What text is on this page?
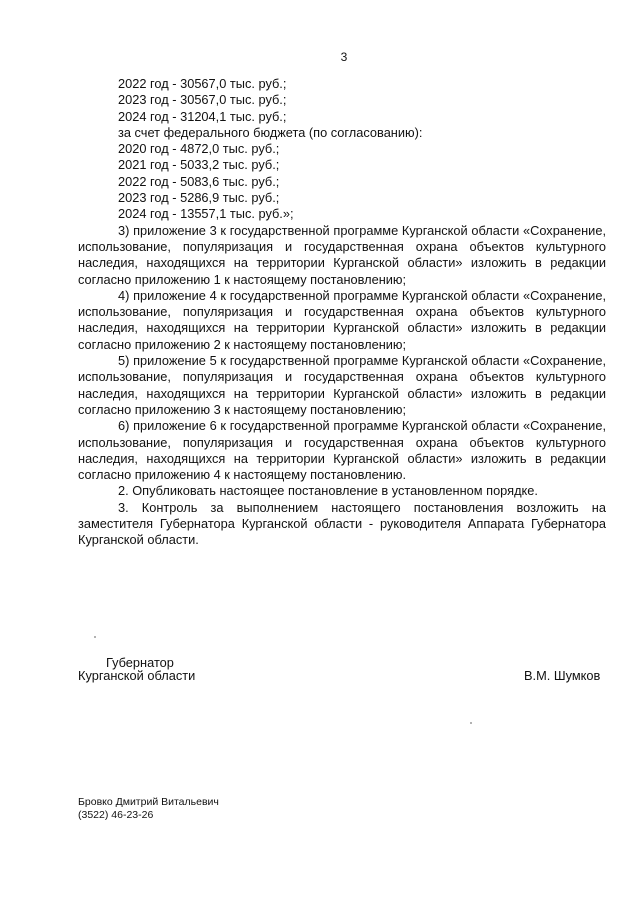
3
2022 год - 30567,0 тыс. руб.;
2023 год - 30567,0 тыс. руб.;
2024 год - 31204,1 тыс. руб.;
за счет федерального бюджета (по согласованию):
2020 год - 4872,0 тыс. руб.;
2021 год - 5033,2 тыс. руб.;
2022 год - 5083,6 тыс. руб.;
2023 год - 5286,9 тыс. руб.;
2024 год - 13557,1 тыс. руб.»;
3) приложение 3 к государственной программе Курганской области «Сохранение, использование, популяризация и государственная охрана объектов культурного наследия, находящихся на территории Курганской области» изложить в редакции согласно приложению 1 к настоящему постановлению;
4) приложение 4 к государственной программе Курганской области «Сохранение, использование, популяризация и государственная охрана объектов культурного наследия, находящихся на территории Курганской области» изложить в редакции согласно приложению 2 к настоящему постановлению;
5) приложение 5 к государственной программе Курганской области «Сохранение, использование, популяризация и государственная охрана объектов культурного наследия, находящихся на территории Курганской области» изложить в редакции согласно приложению 3 к настоящему постановлению;
6) приложение 6 к государственной программе Курганской области «Сохранение, использование, популяризация и государственная охрана объектов культурного наследия, находящихся на территории Курганской области» изложить в редакции согласно приложению 4 к настоящему постановлению.
2. Опубликовать настоящее постановление в установленном порядке.
3. Контроль за выполнением настоящего постановления возложить на заместителя Губернатора Курганской области - руководителя Аппарата Губернатора Курганской области.
Губернатор
Курганской области	В.М. Шумков
Бровко Дмитрий Витальевич
(3522) 46-23-26
